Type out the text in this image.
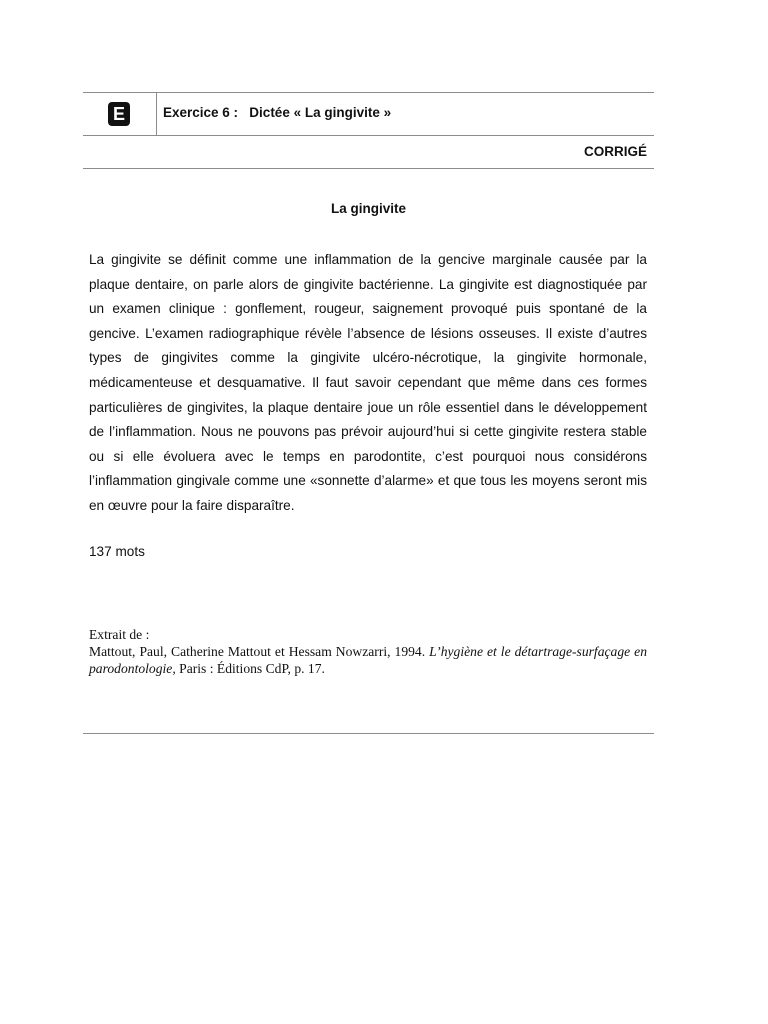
E	Exercice 6 :   Dictée « La gingivite »
CORRIGÉ
La gingivite
La gingivite se définit comme une inflammation de la gencive marginale causée par la plaque dentaire, on parle alors de gingivite bactérienne. La gingivite est diagnostiquée par un examen clinique : gonflement, rougeur, saignement provoqué puis spontané de la gencive. L’examen radiographique révèle l’absence de lésions osseuses. Il existe d’autres types de gingivites comme la gingivite ulcéro-nécrotique, la gingivite hormonale, médicamenteuse et desquamative. Il faut savoir cependant que même dans ces formes particulières de gingivites, la plaque dentaire joue un rôle essentiel dans le développement de l’inflammation. Nous ne pouvons pas prévoir aujourd’hui si cette gingivite restera stable ou si elle évoluera avec le temps en parodontite, c’est pourquoi nous considérons l’inflammation gingivale comme une «sonnette d’alarme» et que tous les moyens seront mis en œuvre pour la faire disparaître.
137 mots
Extrait de :
Mattout, Paul, Catherine Mattout et Hessam Nowzarri, 1994. L’hygiène et le détartrage-surfaçage en parodontologie, Paris : Éditions CdP, p. 17.
